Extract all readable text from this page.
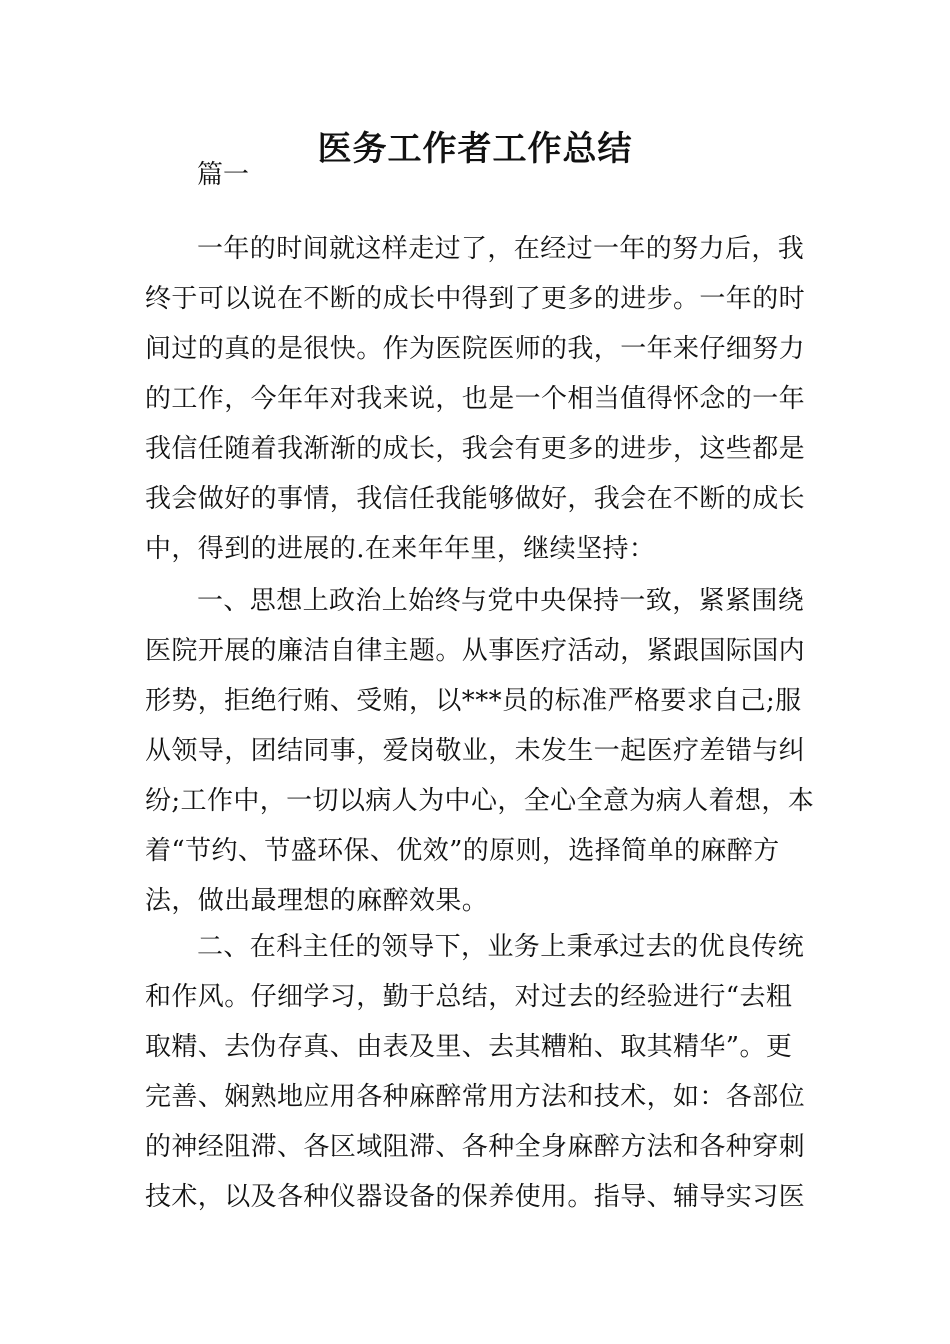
医务工作者工作总结
篇一
一年的时间就这样走过了，在经过一年的努力后，我
终于可以说在不断的成长中得到了更多的进步。一年的时
间过的真的是很快。作为医院医师的我，一年来仔细努力
的工作，今年年对我来说，也是一个相当值得怀念的一年
我信任随着我渐渐的成长，我会有更多的进步，这些都是
我会做好的事情，我信任我能够做好，我会在不断的成长
中，得到的进展的.在来年年里，继续坚持：
一、思想上政治上始终与党中央保持一致，紧紧围绕
医院开展的廉洁自律主题。从事医疗活动，紧跟国际国内
形势，拒绝行贿、受贿，以***员的标准严格要求自己;服
从领导，团结同事，爱岗敬业，未发生一起医疗差错与纠
纷;工作中，一切以病人为中心，全心全意为病人着想，本
着“节约、节盛环保、优效”的原则，选择简单的麻醉方
法，做出最理想的麻醉效果。
二、在科主任的领导下，业务上秉承过去的优良传统
和作风。仔细学习，勤于总结，对过去的经验进行“去粗
取精、去伪存真、由表及里、去其糟粕、取其精华”。更
完善、娴熟地应用各种麻醉常用方法和技术，如：各部位
的神经阻滞、各区域阻滞、各种全身麻醉方法和各种穿刺
技术，以及各种仪器设备的保养使用。指导、辅导实习医
